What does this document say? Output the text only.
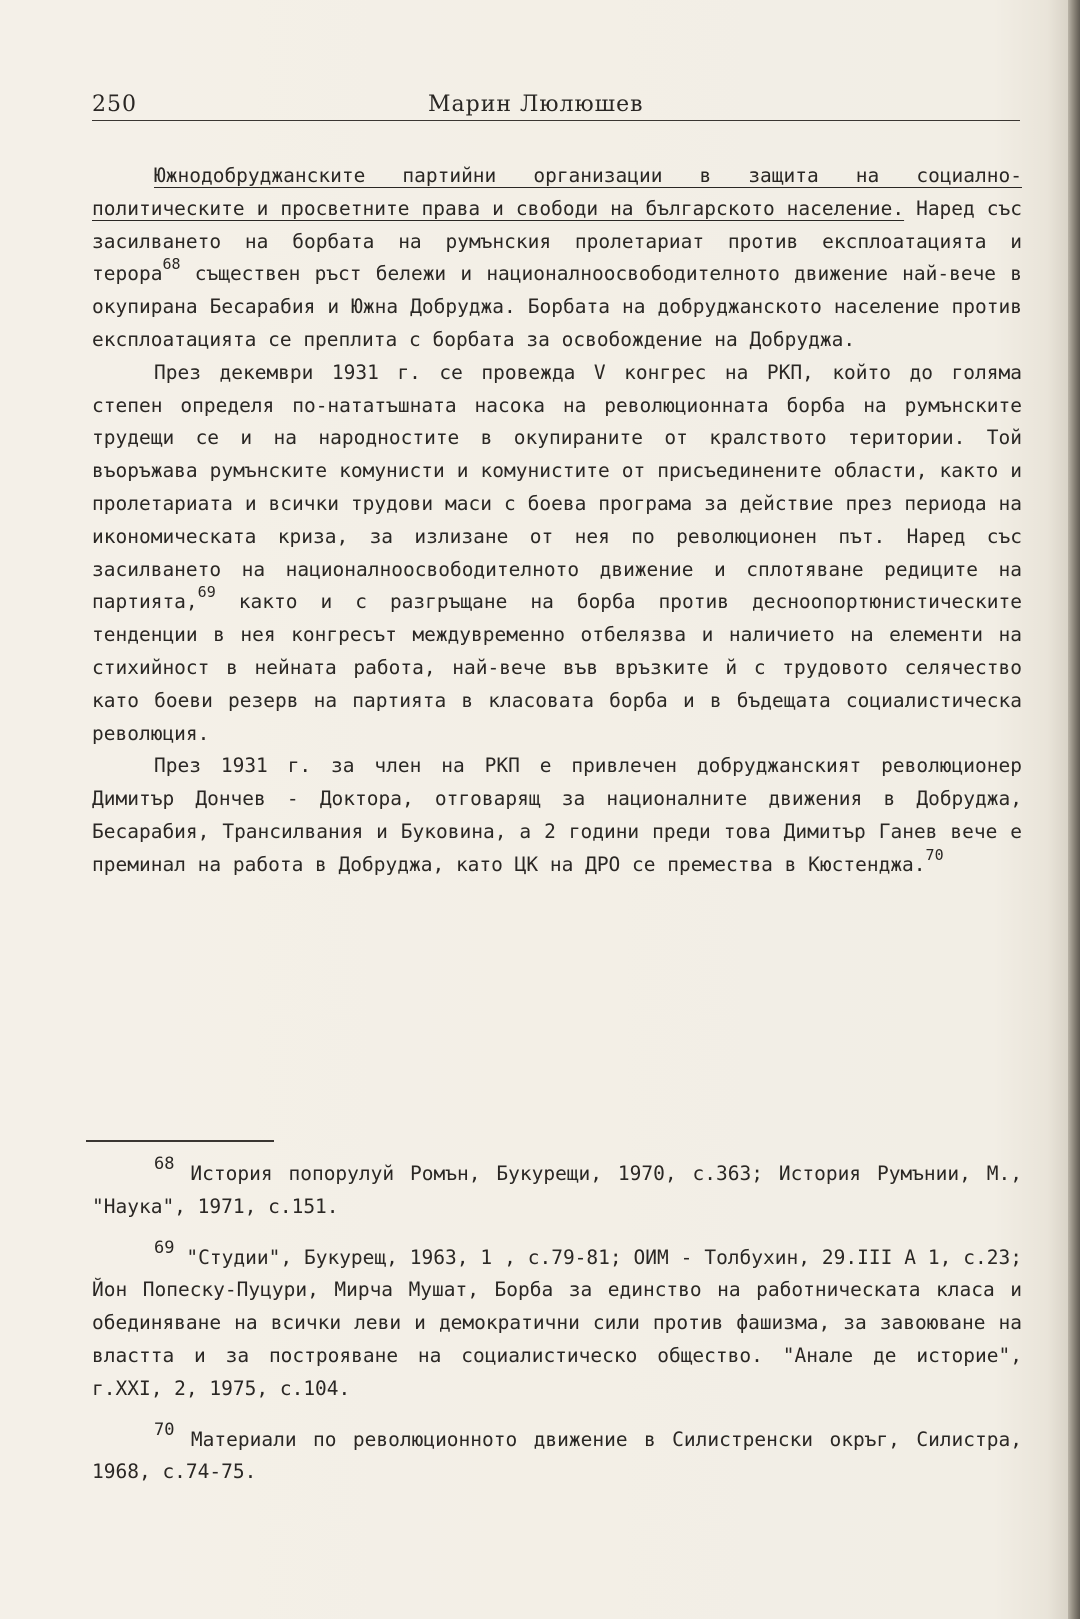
250	Марин Люлюшев

Южнодобруджанските партийни организации в защита на социално-политическите и просветните права и свободи на българското население. Наред със засилването на борбата на румънския пролетариат против експлоатацията и терора$^{68}$ съществен ръст бележи и националноосвободителното движение най-вече в окупирана Бесарабия и Южна Добруджа. Борбата на добруджанското население против експлоатацията се преплита с борбата за освобождение на Добруджа.

През декември 1931 г. се провежда V конгрес на РКП, който до голяма степен определя по-нататъшната насока на революционната борба на румънските трудещи се и на народностите в окупираните от кралството територии. Той въоръжава румънските комунисти и комунистите от присъединените области, както и пролетариата и всички трудови маси с боева програма за действие през периода на икономическата криза, за излизане от нея по революционен път. Наред със засилването на националноосвободителното движение и сплотяване редиците на партията,$^{69}$ както и с разгръщане на борба против десноопортюнистическите тенденции в нея конгресът междувременно отбелязва и наличието на елементи на стихийност в нейната работа, най-вече във връзките й с трудовото селячество като боеви резерв на партията в класовата борба и в бъдещата социалистическа революция.

През 1931 г. за член на РКП е привлечен добруджанският революционер Димитър Дончев - Доктора, отговарящ за националните движения в Добруджа, Бесарабия, Трансилвания и Буковина, а 2 години преди това Димитър Ганев вече е преминал на работа в Добруджа, като ЦК на ДРО се премества в Кюстенджа.$^{70}$

$^{68}$ История попорулуй Ромън, Букурещи, 1970, с.363; История Румънии, М., "Наука", 1971, с.151.

$^{69}$ "Студии", Букурещ, 1963, 1 , с.79-81; ОИМ - Толбухин, 29.III А 1, с.23; Йон Попеску-Пуцури, Мирча Мушат, Борба за единство на работническата класа и обединяване на всички леви и демократични сили против фашизма, за завоюване на властта и за построяване на социалистическо общество. "Анале де историе", г.XXI, 2, 1975, с.104.

$^{70}$ Материали по революционното движение в Силистренски окръг, Силистра, 1968, с.74-75.
